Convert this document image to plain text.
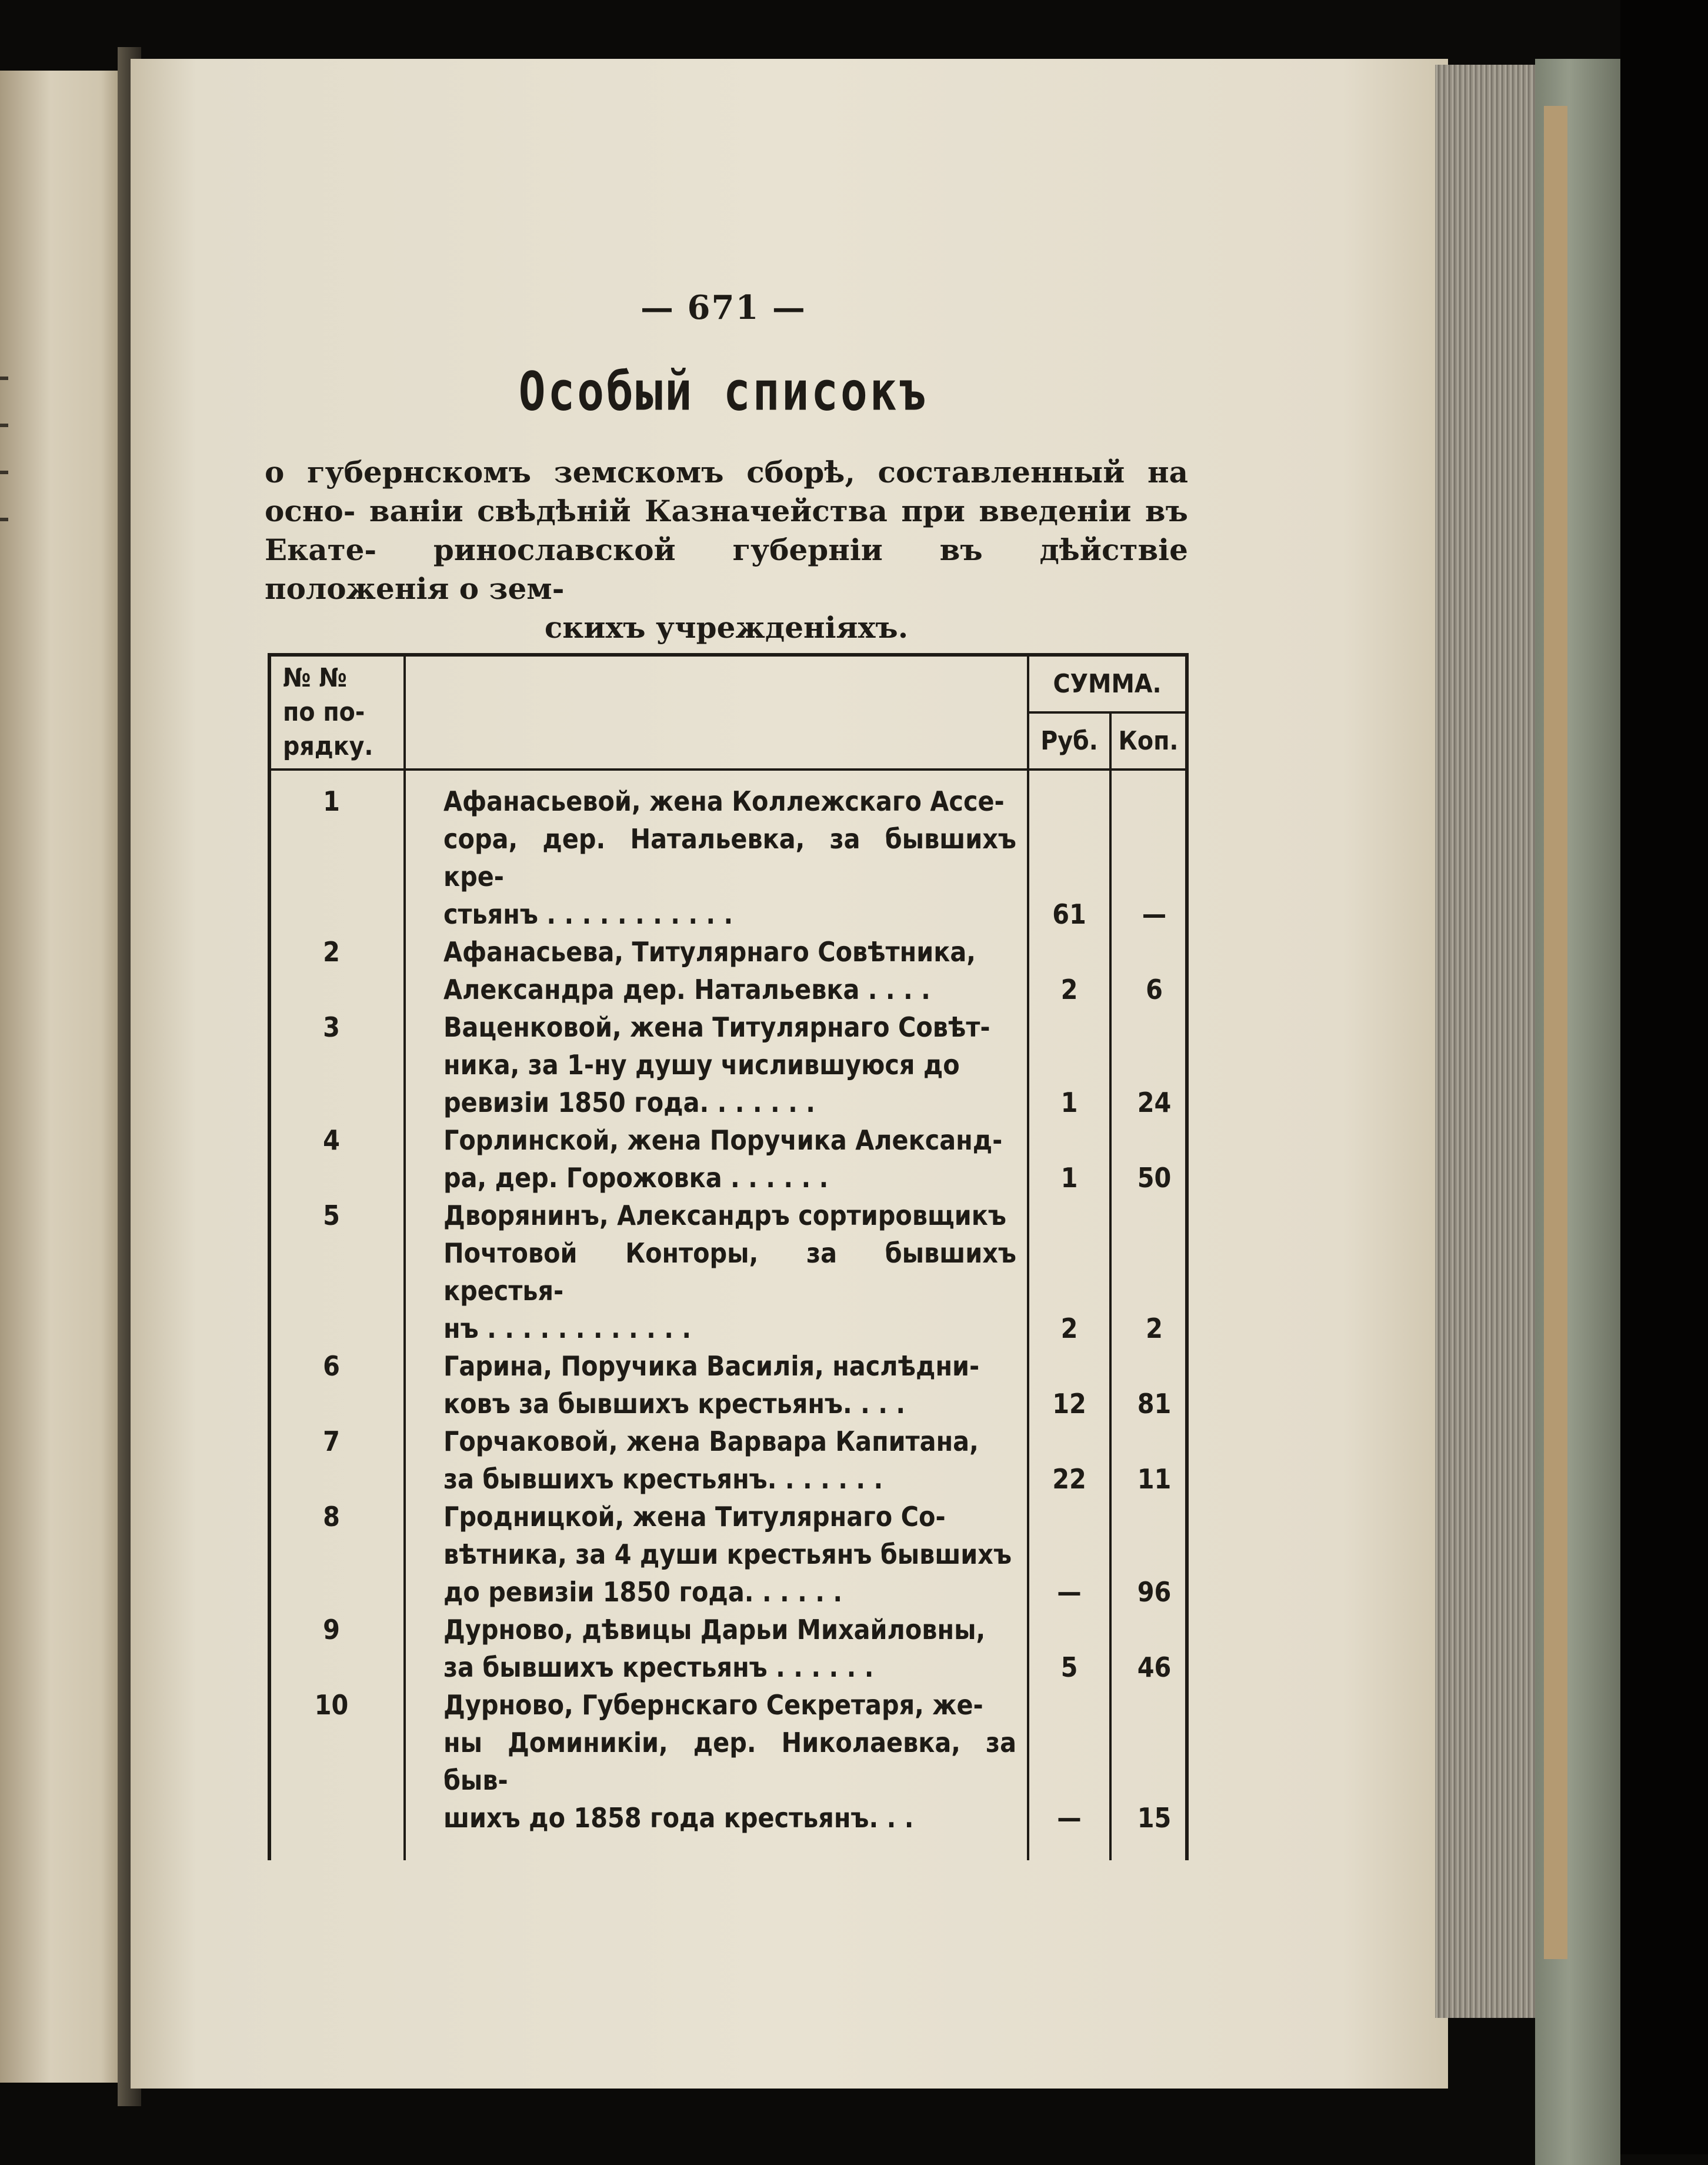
— 671 —
Особый списокъ
о губернскомъ земскомъ сборѣ, составленный на осно- ваніи свѣдѣній Казначейства при введеніи въ Екате- ринославской губерніи въ дѣйствіе положенія о зем-
скихъ учрежденіяхъ.
№ №
по по-
рядку.		СУММА.	
		Руб.	Коп.
1	Афанасьевой, жена Коллежскаго Ассе-
сора, дер. Натальевка, за бывшихъ кре-
стьянъ . . . . . . . . . . .	61	—
2	Афанасьева, Титулярнаго Совѣтника,
Александра дер. Натальевка . . . .	2	6
3	Ваценковой, жена Титулярнаго Совѣт-
ника, за 1-ну душу числившуюся до
ревизіи 1850 года. . . . . . .	1	24
4	Горлинской, жена Поручика Александ-
ра, дер. Горожовка . . . . . .	1	50
5	Дворянинъ, Александръ сортировщикъ
Почтовой Конторы, за бывшихъ крестья-
нъ . . . . . . . . . . . .	2	2
6	Гарина, Поручика Василія, наслѣдни-
ковъ за бывшихъ крестьянъ. . . .	12	81
7	Горчаковой, жена Варвара Капитана,
за бывшихъ крестьянъ. . . . . . .	22	11
8	Гродницкой, жена Титулярнаго Со-
вѣтника, за 4 души крестьянъ бывшихъ
до ревизіи 1850 года. . . . . .	—	96
9	Дурново, дѣвицы Дарьи Михайловны,
за бывшихъ крестьянъ . . . . . .	5	46
10	Дурново, Губернскаго Секретаря, же-
ны Доминикіи, дер. Николаевка, за быв-
шихъ до 1858 года крестьянъ. . .	—	15
